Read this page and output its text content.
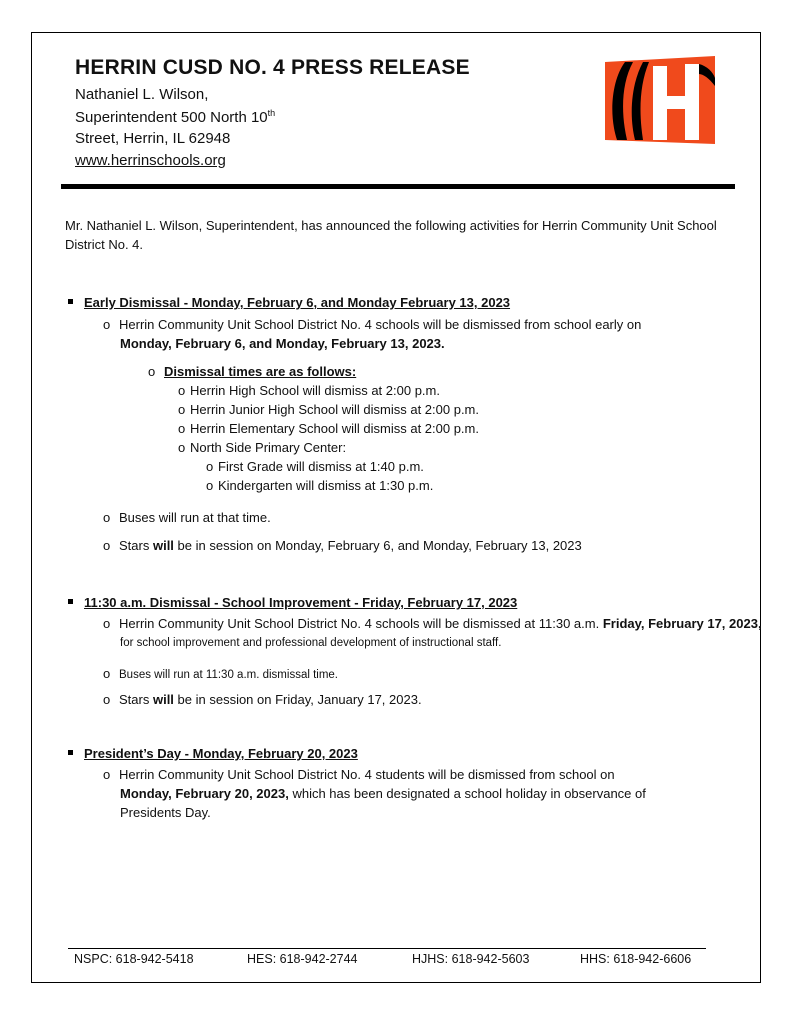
HERRIN CUSD NO. 4 PRESS RELEASE
Nathaniel L. Wilson,
Superintendent 500 North 10th
Street, Herrin, IL 62948
www.herrinschools.org
Mr. Nathaniel L. Wilson, Superintendent, has announced the following activities for Herrin Community Unit School District No. 4.
Early Dismissal - Monday, February 6, and Monday February 13, 2023
o Herrin Community Unit School District No. 4 schools will be dismissed from school early on
Monday, February 6, and Monday, February 13, 2023.
o Dismissal times are as follows:
o Herrin High School will dismiss at 2:00 p.m.
o Herrin Junior High School will dismiss at 2:00 p.m.
o Herrin Elementary School will dismiss at 2:00 p.m.
o North Side Primary Center:
o First Grade will dismiss at 1:40 p.m.
o Kindergarten will dismiss at 1:30 p.m.
o Buses will run at that time.
o Stars will be in session on Monday, February 6, and Monday, February 13, 2023
11:30 a.m. Dismissal - School Improvement - Friday, February 17, 2023
o Herrin Community Unit School District No. 4 schools will be dismissed at 11:30 a.m. Friday, February 17, 2023,
for school improvement and professional development of instructional staff.
o Buses will run at 11:30 a.m. dismissal time.
o Stars will be in session on Friday, January 17, 2023.
President’s Day - Monday, February 20, 2023
o Herrin Community Unit School District No. 4 students will be dismissed from school on
Monday, February 20, 2023, which has been designated a school holiday in observance of Presidents Day.
NSPC: 618-942-5418	HES: 618-942-2744	HJHS: 618-942-5603	HHS: 618-942-6606
